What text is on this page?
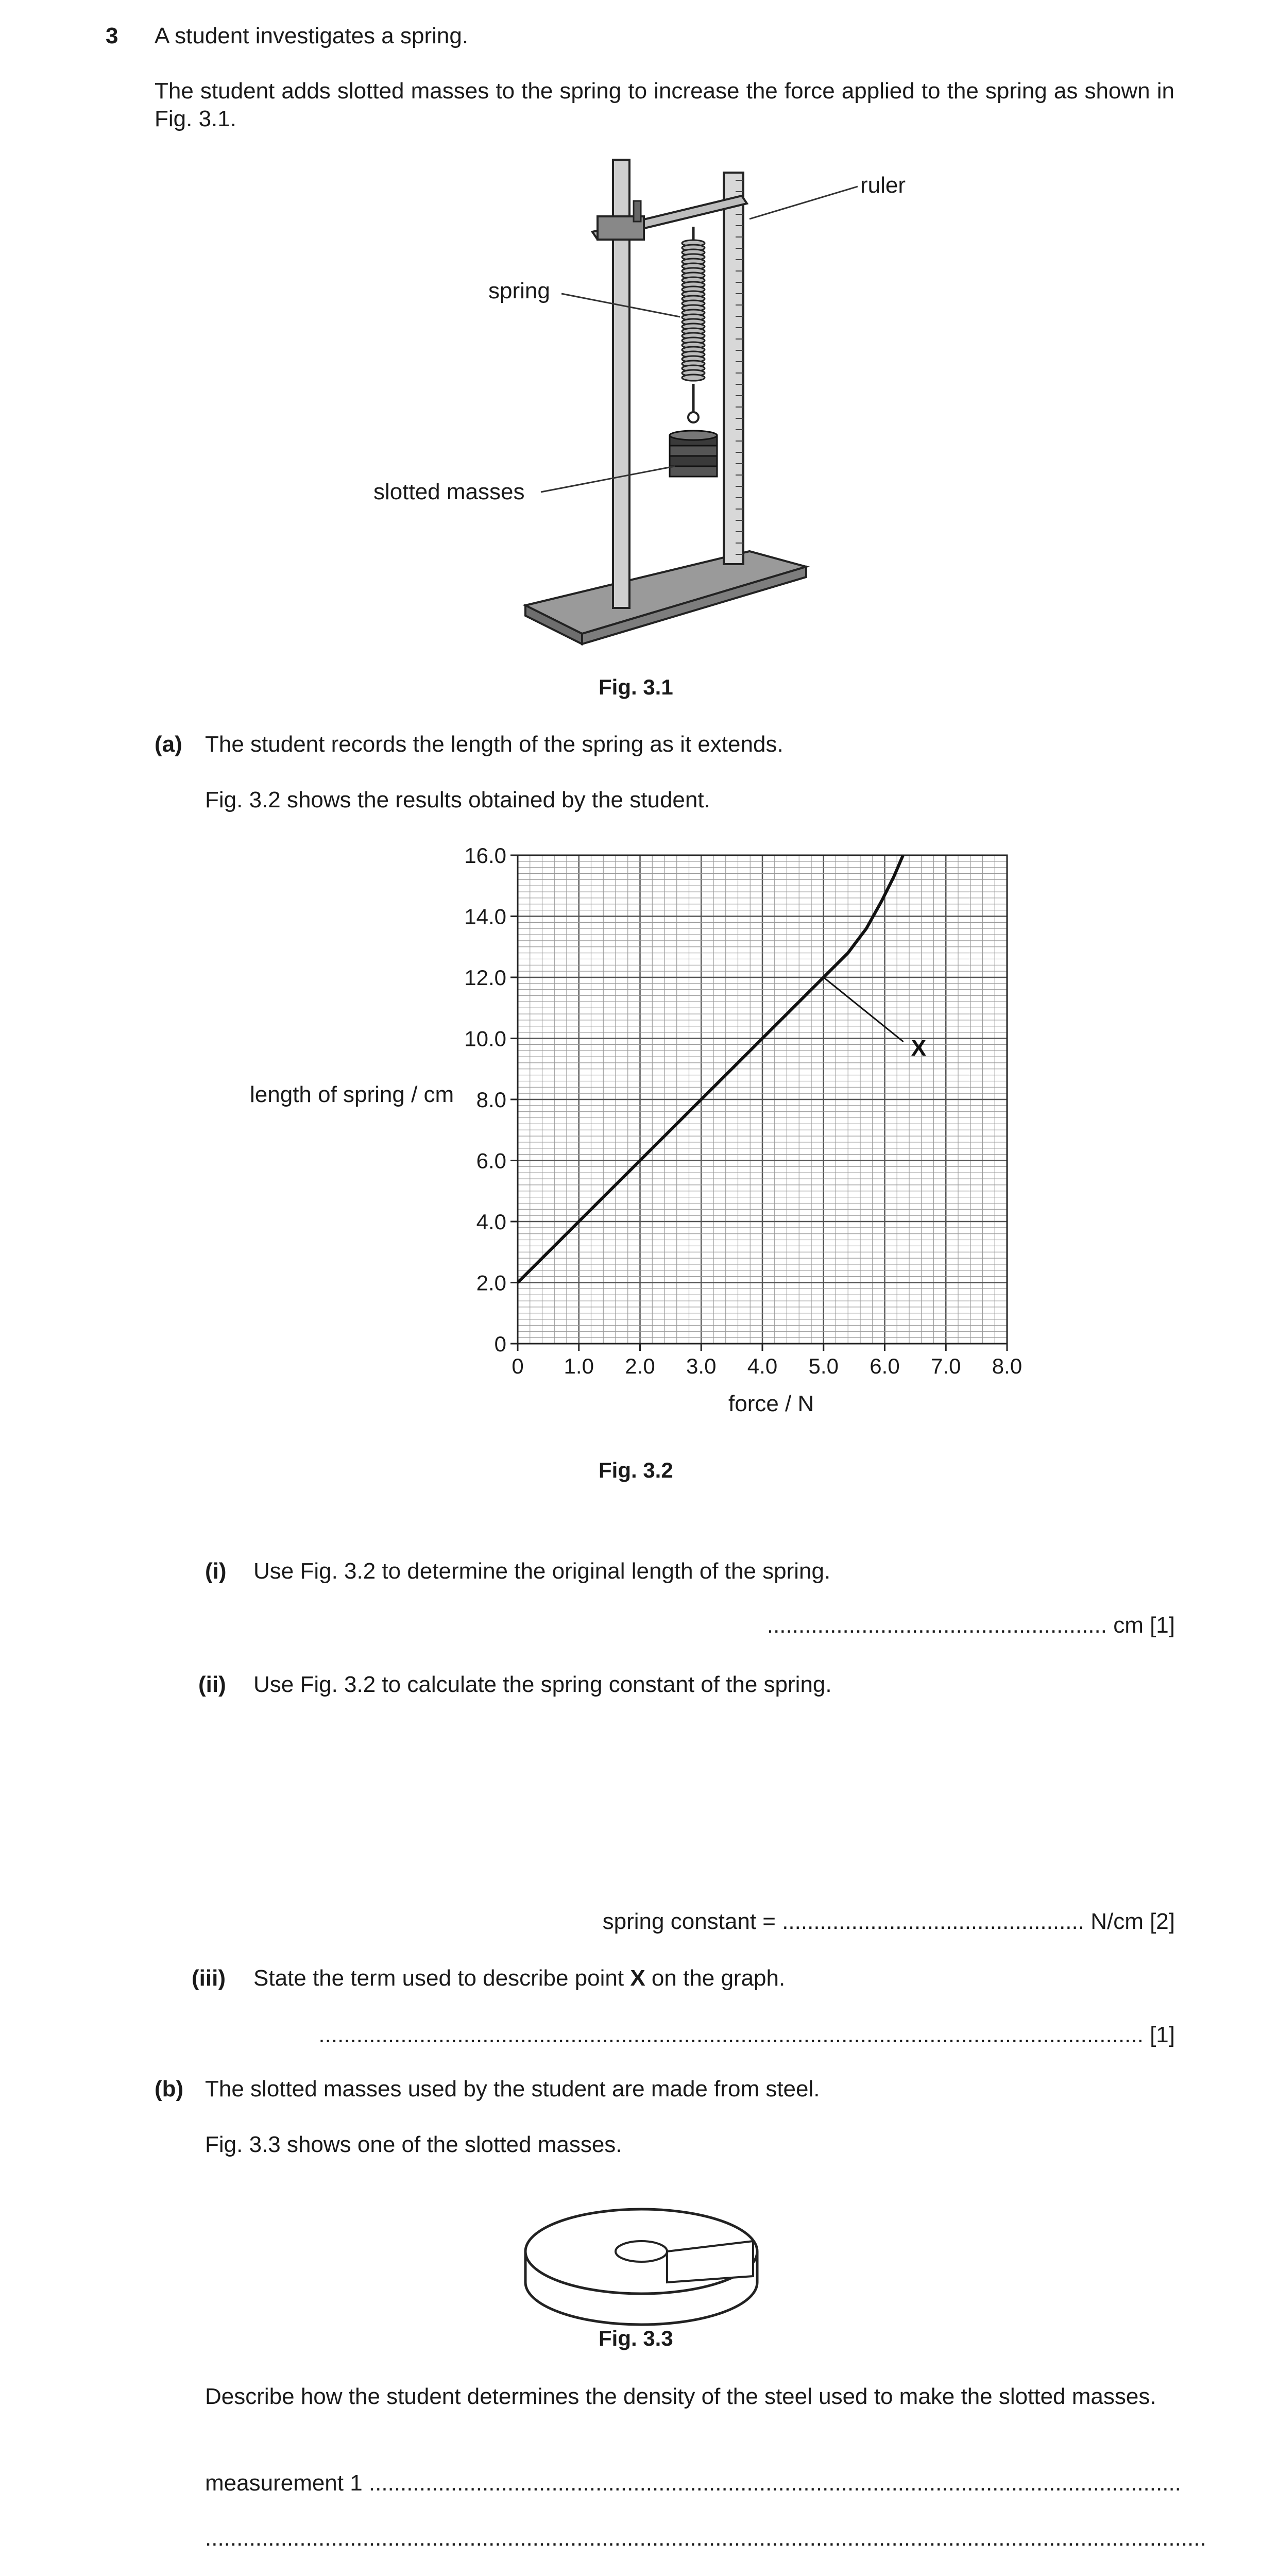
3 A student investigates a spring.
The student adds slotted masses to the spring to increase the force applied to the spring as shown in Fig. 3.1.
ruler
spring
slotted masses
Fig. 3.1
(a) The student records the length of the spring as it extends.
Fig. 3.2 shows the results obtained by the student.
0 1.0 2.0 3.0 4.0 5.0 6.0 7.0 8.0
0
2.0
4.0
6.0
8.0
10.0
12.0
14.0
16.0
X
length of spring / cm
force / N
Fig. 3.2
(i) Use Fig. 3.2 to determine the original length of the spring.
...................................................... cm [1]
(ii) Use Fig. 3.2 to calculate the spring constant of the spring.
spring constant = ................................................ N/cm [2]
(iii) State the term used to describe point X on the graph.
................................................................................................................................... [1]
(b) The slotted masses used by the student are made from steel.
Fig. 3.3 shows one of the slotted masses.
Fig. 3.3
Describe how the student determines the density of the steel used to make the slotted masses.
measurement 1 .................................................................................................................................
...............................................................................................................................................................
